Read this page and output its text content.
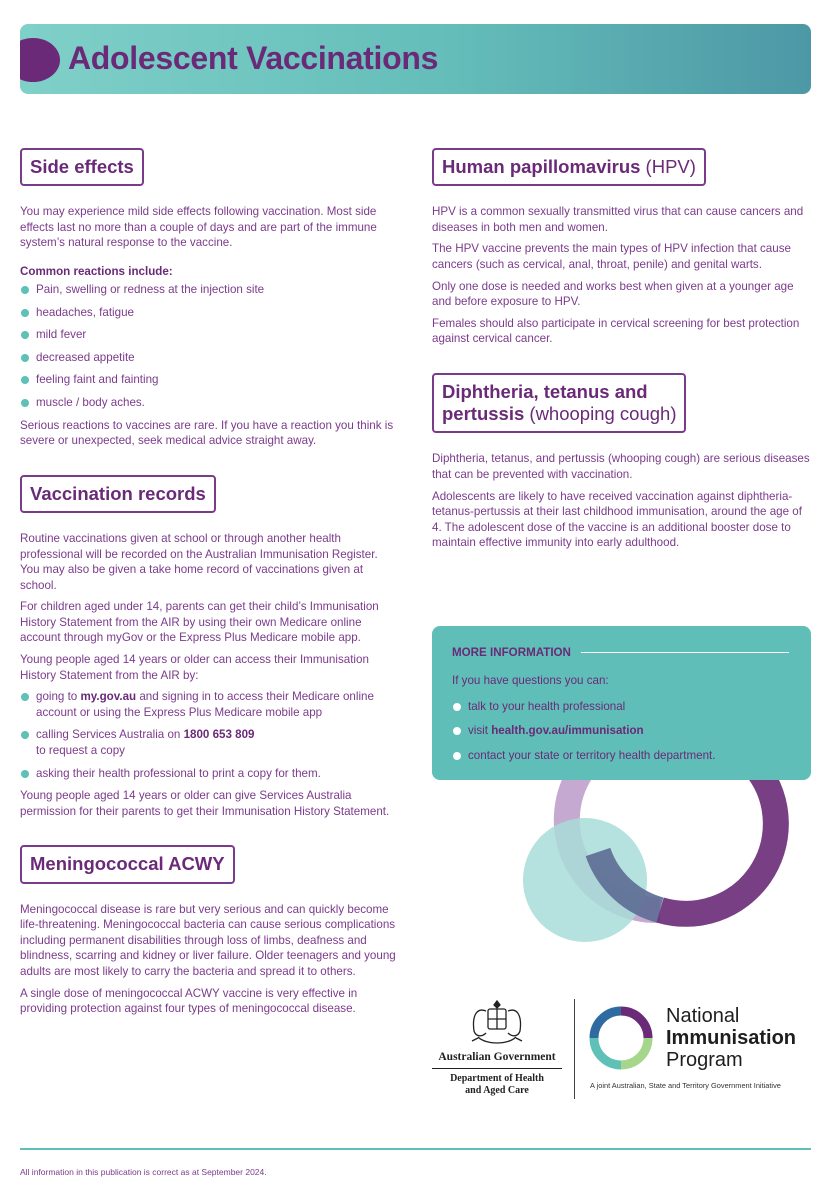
Adolescent Vaccinations
Side effects

You may experience mild side effects following vaccination. Most side effects last no more than a couple of days and are part of the immune system’s natural response to the vaccine.

Common reactions include:

Pain, swelling or redness at the injection site
headaches, fatigue
mild fever
decreased appetite
feeling faint and fainting
muscle / body aches.

Serious reactions to vaccines are rare. If you have a reaction you think is severe or unexpected, seek medical advice straight away.

Vaccination records

Routine vaccinations given at school or through another health professional will be recorded on the Australian Immunisation Register. You may also be given a take home record of vaccinations given at school.

For children aged under 14, parents can get their child’s Immunisation History Statement from the AIR by using their own Medicare online account through myGov or the Express Plus Medicare mobile app.

Young people aged 14 years or older can access their Immunisation History Statement from the AIR by:

going to my.gov.au and signing in to access their Medicare online account or using the Express Plus Medicare mobile app
calling Services Australia on 1800 653 809
to request a copy
asking their health professional to print a copy for them.

Young people aged 14 years or older can give Services Australia permission for their parents to get their Immunisation History Statement.

Meningococcal ACWY

Meningococcal disease is rare but very serious and can quickly become life-threatening. Meningococcal bacteria can cause serious complications including permanent disabilities through loss of limbs, deafness and blindness, scarring and kidney or liver failure. Older teenagers and young adults are most likely to carry the bacteria and spread it to others.

A single dose of meningococcal ACWY vaccine is very effective in providing protection against four types of meningococcal disease.

Human papillomavirus (HPV)

HPV is a common sexually transmitted virus that can cause cancers and diseases in both men and women.

The HPV vaccine prevents the main types of HPV infection that cause cancers (such as cervical, anal, throat, penile) and genital warts.

Only one dose is needed and works best when given at a younger age and before exposure to HPV.

Females should also participate in cervical screening for best protection against cervical cancer.

Diphtheria, tetanus and
pertussis (whooping cough)

Diphtheria, tetanus, and pertussis (whooping cough) are serious diseases that can be prevented with vaccination.

Adolescents are likely to have received vaccination against diphtheria-tetanus-pertussis at their last childhood immunisation, around the age of 4. The adolescent dose of the vaccine is an additional booster dose to maintain effective immunity into early adulthood.

MORE INFORMATION

If you have questions you can:

talk to your health professional
visit health.gov.au/immunisation
contact your state or territory health department.
Australian Government
Department of Health
and Aged Care
National
Immunisation
Program
A joint Australian, State and Territory Government Initiative
All information in this publication is correct as at September 2024.
